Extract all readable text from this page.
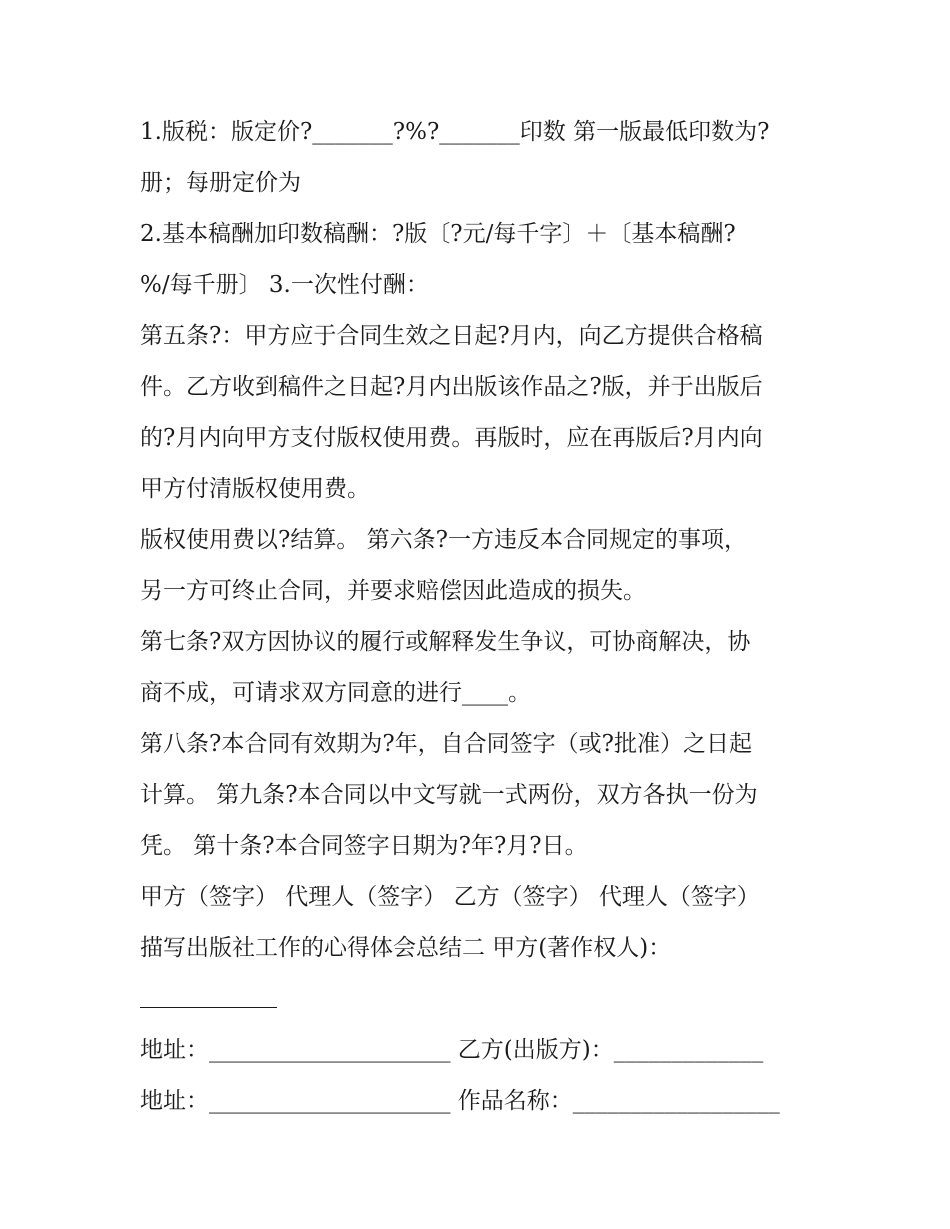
1.版税：版定价?_______?%?_______印数 第一版最低印数为?
册；每册定价为
2.基本稿酬加印数稿酬：?版〔?元/每千字〕＋〔基本稿酬?
%/每千册〕 3.一次性付酬：
第五条?：甲方应于合同生效之日起?月内，向乙方提供合格稿
件。乙方收到稿件之日起?月内出版该作品之?版，并于出版后
的?月内向甲方支付版权使用费。再版时，应在再版后?月内向
甲方付清版权使用费。
版权使用费以?结算。 第六条?一方违反本合同规定的事项，
另一方可终止合同，并要求赔偿因此造成的损失。
第七条?双方因协议的履行或解释发生争议，可协商解决，协
商不成，可请求双方同意的进行____。
第八条?本合同有效期为?年，自合同签字（或?批准）之日起
计算。 第九条?本合同以中文写就一式两份，双方各执一份为
凭。 第十条?本合同签字日期为?年?月?日。
甲方（签字） 代理人（签字） 乙方（签字） 代理人（签字）
描写出版社工作的心得体会总结二 甲方(著作权人)：
地址：_____________________ 乙方(出版方)：_____________
地址：_____________________ 作品名称：__________________
